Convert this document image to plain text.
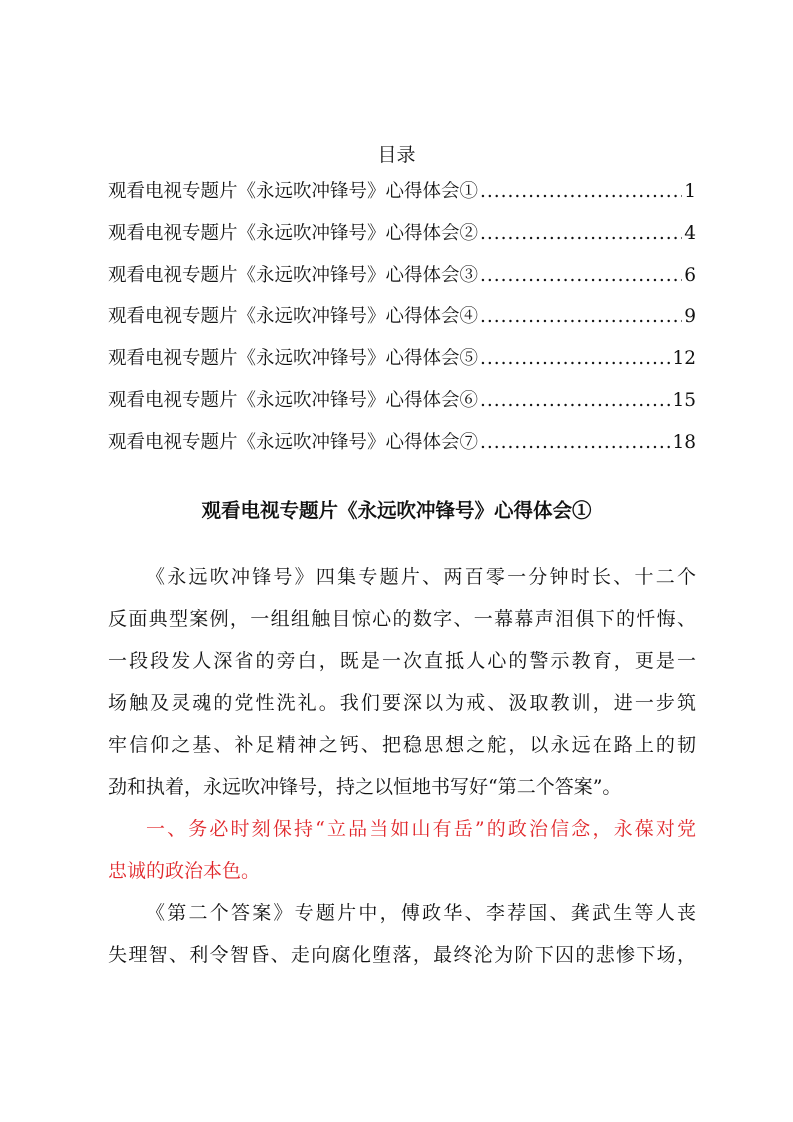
目录
观看电视专题片《永远吹冲锋号》心得体会① .....	1
观看电视专题片《永远吹冲锋号》心得体会② .....	4
观看电视专题片《永远吹冲锋号》心得体会③ .....	6
观看电视专题片《永远吹冲锋号》心得体会④ .....	9
观看电视专题片《永远吹冲锋号》心得体会⑤ .....	12
观看电视专题片《永远吹冲锋号》心得体会⑥ .....	15
观看电视专题片《永远吹冲锋号》心得体会⑦ .....	18
观看电视专题片《永远吹冲锋号》心得体会①
《永远吹冲锋号》四集专题片、两百零一分钟时长、十二个
反面典型案例，一组组触目惊心的数字、一幕幕声泪俱下的忏悔、
一段段发人深省的旁白，既是一次直抵人心的警示教育，更是一
场触及灵魂的党性洗礼。我们要深以为戒、汲取教训，进一步筑
牢信仰之基、补足精神之钙、把稳思想之舵，以永远在路上的韧
劲和执着，永远吹冲锋号，持之以恒地书写好“第二个答案”。
一、务必时刻保持“立品当如山有岳”的政治信念，永葆对党
忠诚的政治本色。
《第二个答案》专题片中，傅政华、李荐国、龚武生等人丧
失理智、利令智昏、走向腐化堕落，最终沦为阶下囚的悲惨下场，
